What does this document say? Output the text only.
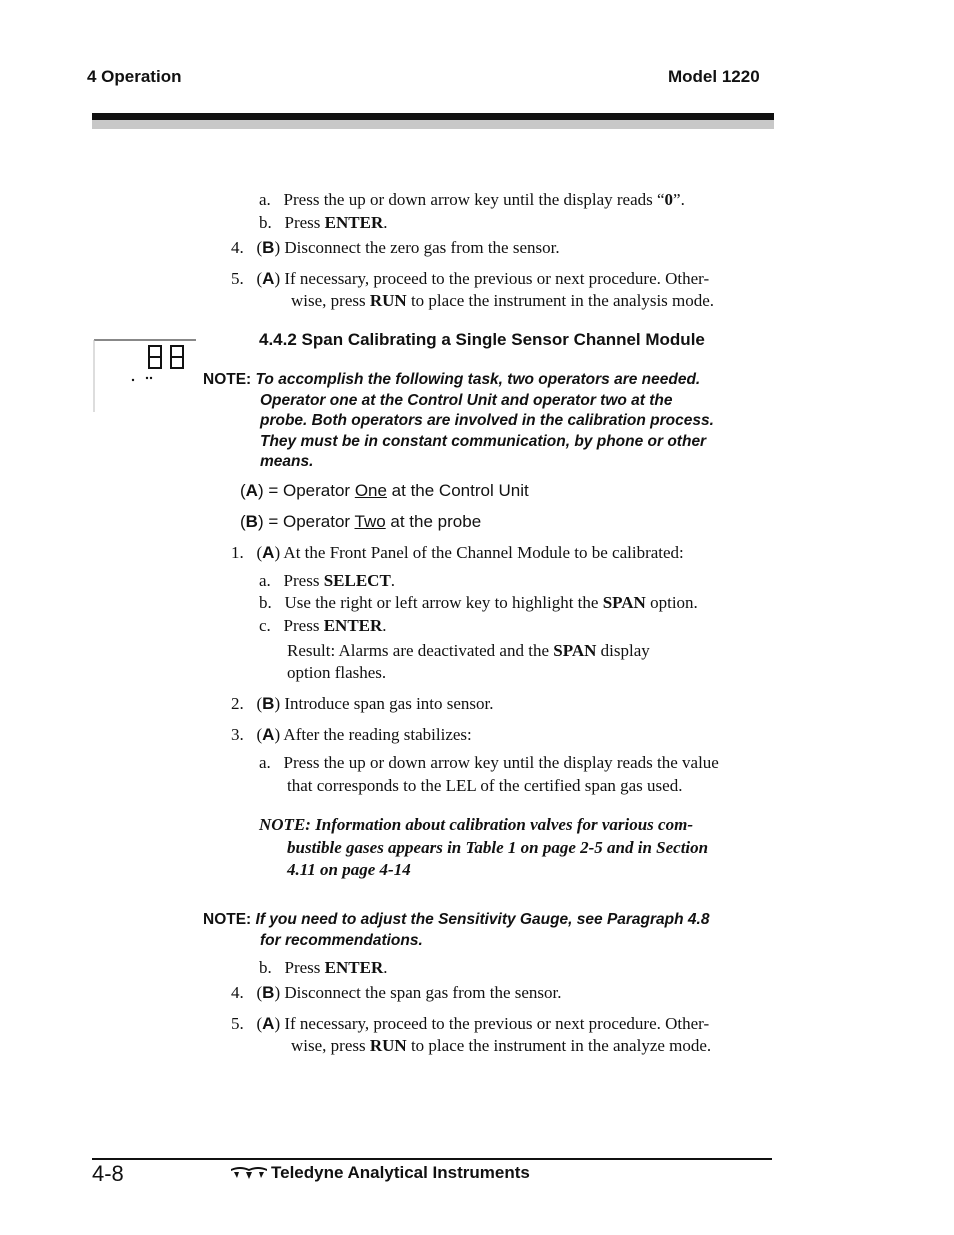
4 Operation	Model 1220
a. Press the up or down arrow key until the display reads “0”.
b. Press ENTER.
4.   (B) Disconnect the zero gas from the sensor.
5.   (A) If necessary, proceed to the previous or next procedure. Other-
wise, press RUN to place the instrument in the analysis mode.
4.4.2 Span Calibrating a Single Sensor Channel Module
NOTE: To accomplish the following task, two operators are needed.
Operator one at the Control Unit and operator two at the
probe. Both operators are involved in the calibration process.
They must be in constant communication, by phone or other
means.
(A) = Operator One at the Control Unit
(B) = Operator Two at the probe
1.   (A) At the Front Panel of the Channel Module to be calibrated:
a. Press SELECT.
b. Use the right or left arrow key to highlight the SPAN option.
c. Press ENTER.
Result: Alarms are deactivated and the SPAN display
option flashes.
2.   (B) Introduce span gas into sensor.
3.   (A) After the reading stabilizes:
a. Press the up or down arrow key until the display reads the value
that corresponds to the LEL of the certified span gas used.
NOTE: Information about calibration valves for various com-
bustible gases appears in Table 1 on page 2-5 and in Section
4.11 on page 4-14
NOTE: If you need to adjust the Sensitivity Gauge, see Paragraph 4.8
for recommendations.
b. Press ENTER.
4.   (B) Disconnect the span gas from the sensor.
5.   (A) If necessary, proceed to the previous or next procedure. Other-
wise, press RUN to place the instrument in the analyze mode.
4-8	Teledyne Analytical Instruments
